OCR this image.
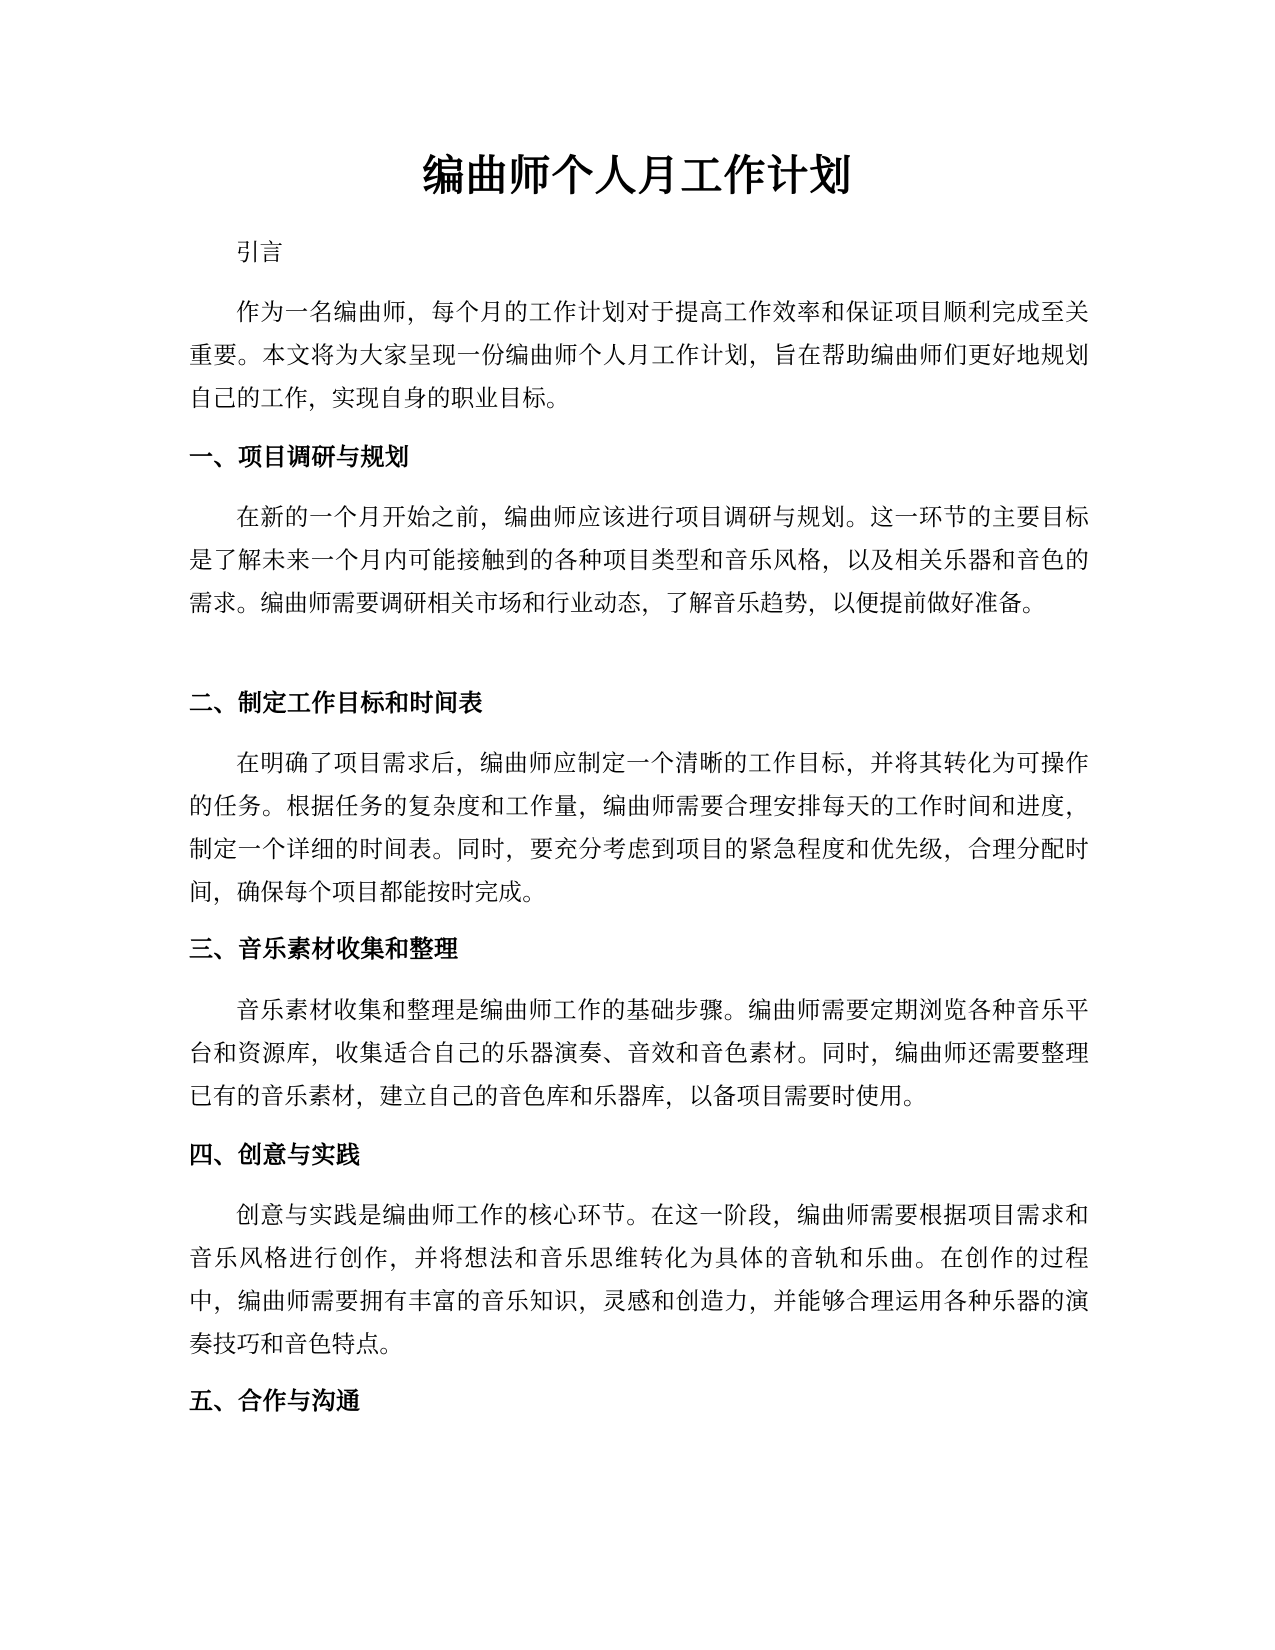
编曲师个人月工作计划

引言

作为一名编曲师，每个月的工作计划对于提高工作效率和保证项目顺利完成至关重要。本文将为大家呈现一份编曲师个人月工作计划，旨在帮助编曲师们更好地规划自己的工作，实现自身的职业目标。

一、项目调研与规划

在新的一个月开始之前，编曲师应该进行项目调研与规划。这一环节的主要目标是了解未来一个月内可能接触到的各种项目类型和音乐风格，以及相关乐器和音色的需求。编曲师需要调研相关市场和行业动态，了解音乐趋势，以便提前做好准备。

二、制定工作目标和时间表

在明确了项目需求后，编曲师应制定一个清晰的工作目标，并将其转化为可操作的任务。根据任务的复杂度和工作量，编曲师需要合理安排每天的工作时间和进度，制定一个详细的时间表。同时，要充分考虑到项目的紧急程度和优先级，合理分配时间，确保每个项目都能按时完成。

三、音乐素材收集和整理

音乐素材收集和整理是编曲师工作的基础步骤。编曲师需要定期浏览各种音乐平台和资源库，收集适合自己的乐器演奏、音效和音色素材。同时，编曲师还需要整理已有的音乐素材，建立自己的音色库和乐器库，以备项目需要时使用。

四、创意与实践

创意与实践是编曲师工作的核心环节。在这一阶段，编曲师需要根据项目需求和音乐风格进行创作，并将想法和音乐思维转化为具体的音轨和乐曲。在创作的过程中，编曲师需要拥有丰富的音乐知识，灵感和创造力，并能够合理运用各种乐器的演奏技巧和音色特点。

五、合作与沟通
